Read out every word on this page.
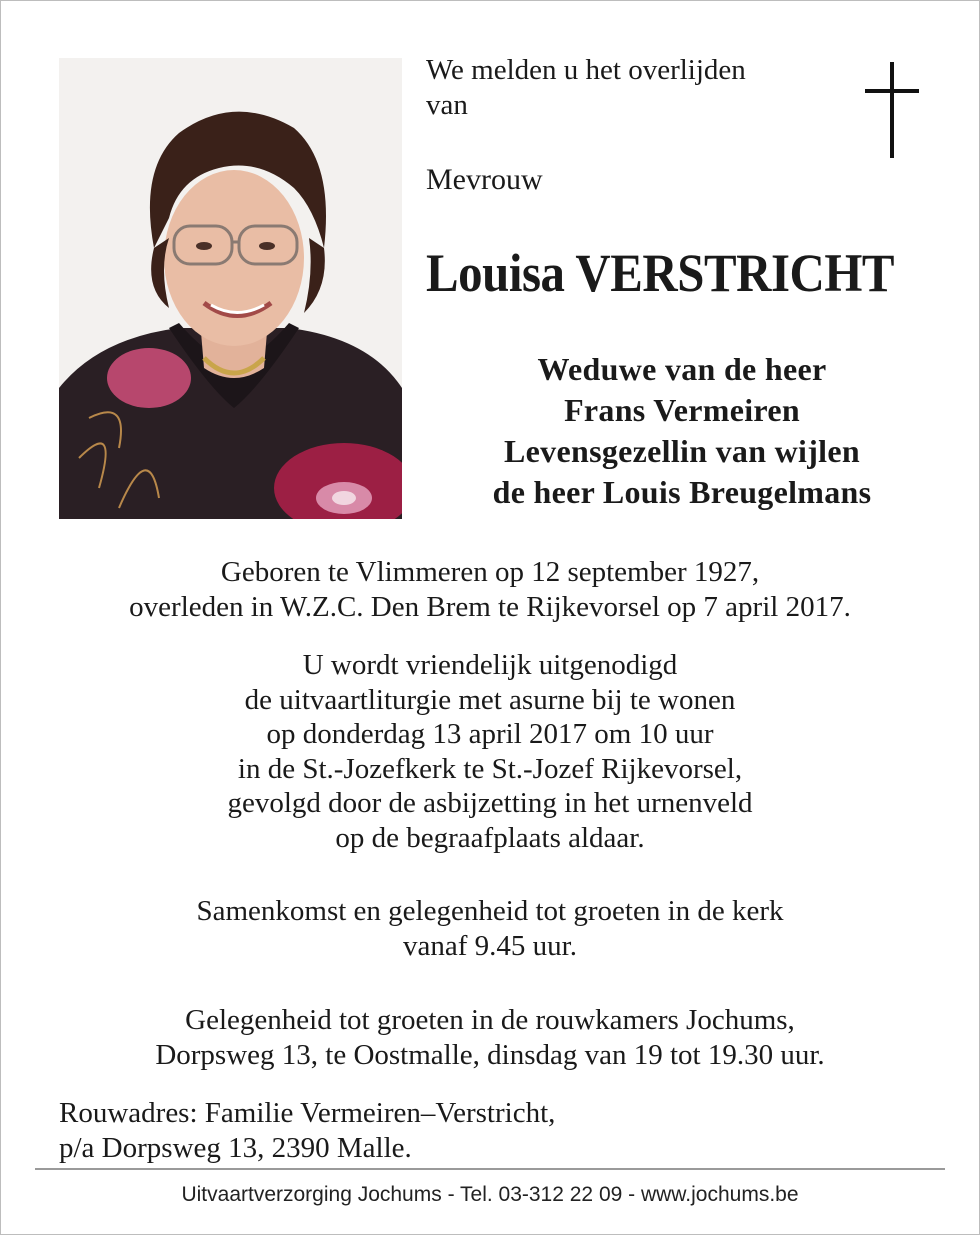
We melden u het overlijden
van
Mevrouw
Louisa VERSTRICHT
Weduwe van de heer
Frans Vermeiren
Levensgezellin van wijlen
de heer Louis Breugelmans
Geboren te Vlimmeren op 12 september 1927,
overleden in W.Z.C. Den Brem te Rijkevorsel op 7 april 2017.
U wordt vriendelijk uitgenodigd
de uitvaartliturgie met asurne bij te wonen
op donderdag 13 april 2017 om 10 uur
in de St.-Jozefkerk te St.-Jozef Rijkevorsel,
gevolgd door de asbijzetting in het urnenveld
op de begraafplaats aldaar.
Samenkomst en gelegenheid tot groeten in de kerk
vanaf 9.45 uur.
Gelegenheid tot groeten in de rouwkamers Jochums,
Dorpsweg 13, te Oostmalle, dinsdag van 19 tot 19.30 uur.
Rouwadres: Familie Vermeiren–Verstricht,
p/a Dorpsweg 13, 2390 Malle.
Uitvaartverzorging Jochums - Tel. 03-312 22 09 - www.jochums.be
